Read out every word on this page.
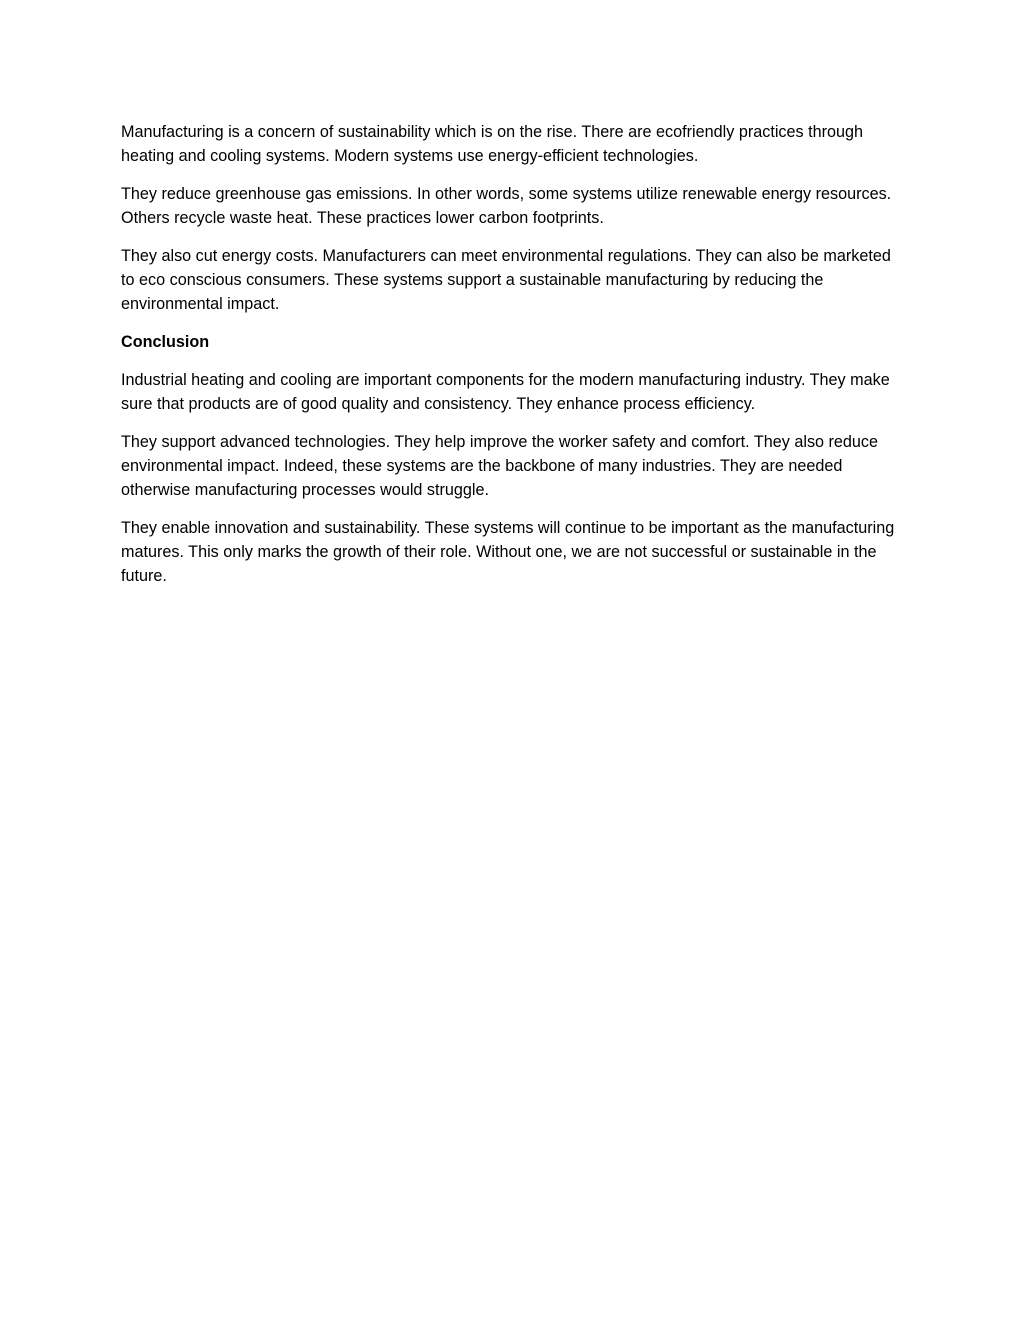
Manufacturing is a concern of sustainability which is on the rise. There are ecofriendly practices through heating and cooling systems. Modern systems use energy-efficient technologies.

They reduce greenhouse gas emissions. In other words, some systems utilize renewable energy resources. Others recycle waste heat. These practices lower carbon footprints.

They also cut energy costs. Manufacturers can meet environmental regulations. They can also be marketed to eco conscious consumers. These systems support a sustainable manufacturing by reducing the environmental impact.

Conclusion

Industrial heating and cooling are important components for the modern manufacturing industry. They make sure that products are of good quality and consistency. They enhance process efficiency.

They support advanced technologies. They help improve the worker safety and comfort. They also reduce environmental impact. Indeed, these systems are the backbone of many industries. They are needed otherwise manufacturing processes would struggle.

They enable innovation and sustainability. These systems will continue to be important as the manufacturing matures. This only marks the growth of their role. Without one, we are not successful or sustainable in the future.
